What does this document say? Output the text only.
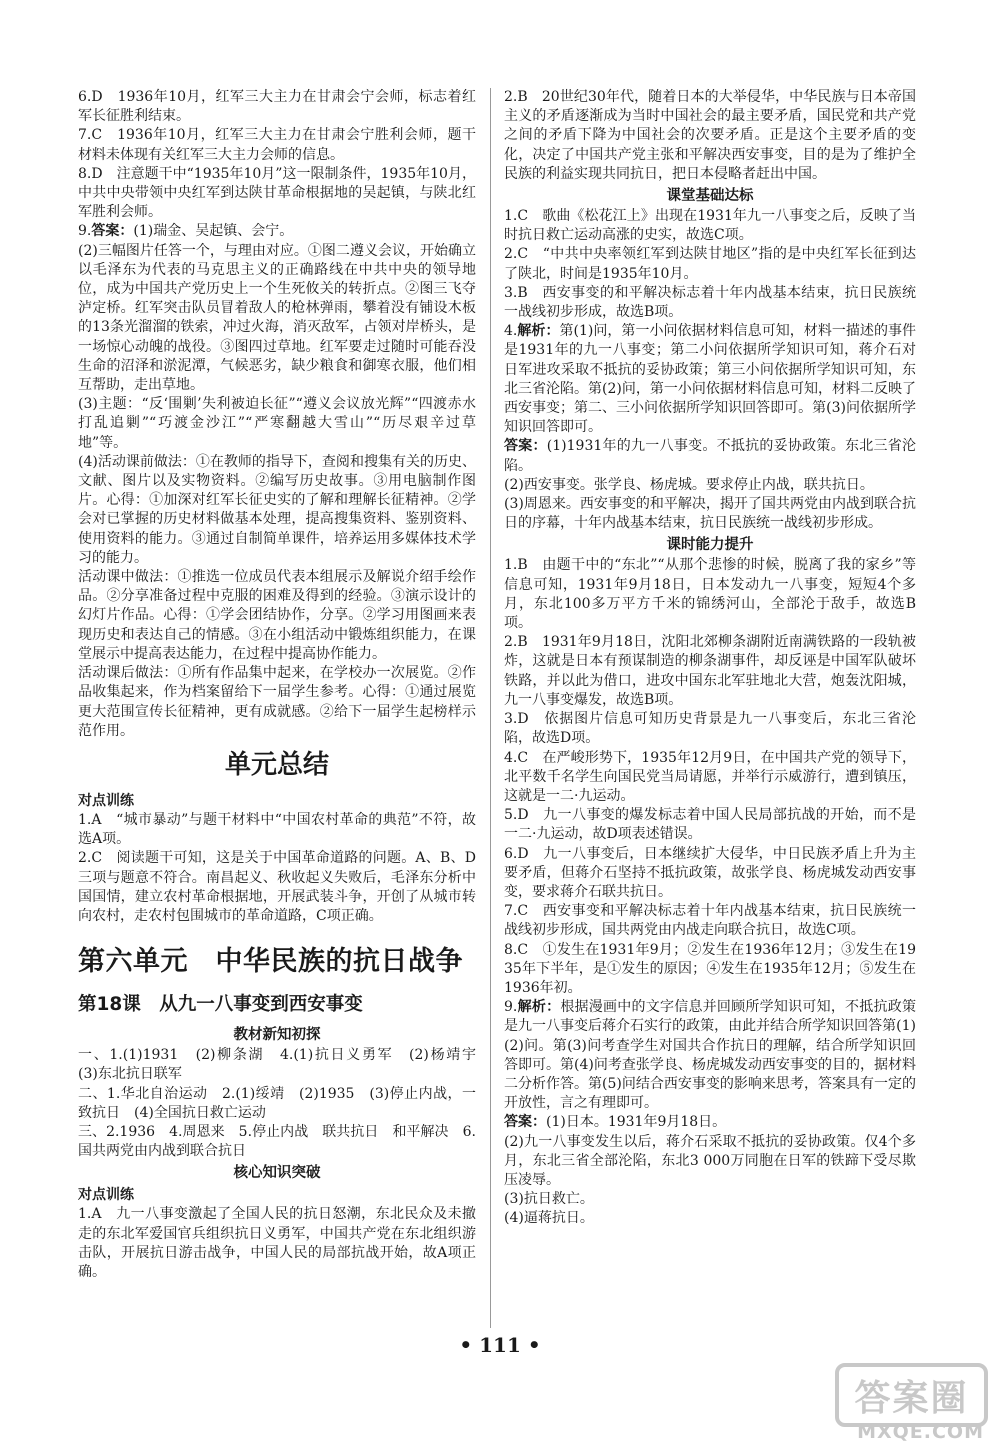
6.D　1936年10月，红军三大主力在甘肃会宁会师，标志着红军长征胜利结束。

7.C　1936年10月，红军三大主力在甘肃会宁胜利会师，题干材料未体现有关红军三大主力会师的信息。

8.D　注意题干中“1935年10月”这一限制条件，1935年10月，中共中央带领中央红军到达陕甘革命根据地的吴起镇，与陕北红军胜利会师。

9.答案：(1)瑞金、吴起镇、会宁。

(2)三幅图片任答一个，与理由对应。①图二遵义会议，开始确立以毛泽东为代表的马克思主义的正确路线在中共中央的领导地位，成为中国共产党历史上一个生死攸关的转折点。②图三飞夺泸定桥。红军突击队员冒着敌人的枪林弹雨，攀着没有铺设木板的13条光溜溜的铁索，冲过火海，消灭敌军，占领对岸桥头，是一场惊心动魄的战役。③图四过草地。红军要走过随时可能吞没生命的沼泽和淤泥潭，气候恶劣，缺少粮食和御寒衣服，他们相互帮助，走出草地。

(3)主题：“反‘围剿’失利被迫长征”“遵义会议放光辉”“四渡赤水打乱追剿”“巧渡金沙江”“严寒翻越大雪山”“历尽艰辛过草地”等。

(4)活动课前做法：①在教师的指导下，查阅和搜集有关的历史、文献、图片以及实物资料。②编写历史故事。③用电脑制作图片。心得：①加深对红军长征史实的了解和理解长征精神。②学会对已掌握的历史材料做基本处理，提高搜集资料、鉴别资料、使用资料的能力。③通过自制简单课件，培养运用多媒体技术学习的能力。

活动课中做法：①推选一位成员代表本组展示及解说介绍手绘作品。②分享准备过程中克服的困难及得到的经验。③演示设计的幻灯片作品。心得：①学会团结协作，分享。②学习用图画来表现历史和表达自己的情感。③在小组活动中锻炼组织能力，在课堂展示中提高表达能力，在过程中提高协作能力。

活动课后做法：①所有作品集中起来，在学校办一次展览。②作品收集起来，作为档案留给下一届学生参考。心得：①通过展览更大范围宣传长征精神，更有成就感。②给下一届学生起榜样示范作用。

单元总结
对点训练

1.A　“城市暴动”与题干材料中“中国农村革命的典范”不符，故选A项。

2.C　阅读题干可知，这是关于中国革命道路的问题。A、B、D三项与题意不符合。南昌起义、秋收起义失败后，毛泽东分析中国国情，建立农村革命根据地，开展武装斗争，开创了从城市转向农村，走农村包围城市的革命道路，C项正确。

第六单元　中华民族的抗日战争
第18课　从九一八事变到西安事变
教材新知初探

一、1.(1)1931　(2)柳条湖　4.(1)抗日义勇军　(2)杨靖宇　(3)东北抗日联军

二、1.华北自治运动　2.(1)绥靖　(2)1935　(3)停止内战，一致抗日　(4)全国抗日救亡运动

三、2.1936　4.周恩来　5.停止内战　联共抗日　和平解决　6.国共两党由内战到联合抗日

核心知识突破
对点训练

1.A　九一八事变激起了全国人民的抗日怒潮，东北民众及未撤走的东北军爱国官兵组织抗日义勇军，中国共产党在东北组织游击队，开展抗日游击战争，中国人民的局部抗战开始，故A项正确。

2.B　20世纪30年代，随着日本的大举侵华，中华民族与日本帝国主义的矛盾逐渐成为当时中国社会的最主要矛盾，国民党和共产党之间的矛盾下降为中国社会的次要矛盾。正是这个主要矛盾的变化，决定了中国共产党主张和平解决西安事变，目的是为了维护全民族的利益实现共同抗日，把日本侵略者赶出中国。

课堂基础达标

1.C　歌曲《松花江上》出现在1931年九一八事变之后，反映了当时抗日救亡运动高涨的史实，故选C项。

2.C　“中共中央率领红军到达陕甘地区”指的是中央红军长征到达了陕北，时间是1935年10月。

3.B　西安事变的和平解决标志着十年内战基本结束，抗日民族统一战线初步形成，故选B项。

4.解析：第(1)问，第一小问依据材料信息可知，材料一描述的事件是1931年的九一八事变；第二小问依据所学知识可知，蒋介石对日军进攻采取不抵抗的妥协政策；第三小问依据所学知识可知，东北三省沦陷。第(2)问，第一小问依据材料信息可知，材料二反映了西安事变；第二、三小问依据所学知识回答即可。第(3)问依据所学知识回答即可。

答案：(1)1931年的九一八事变。不抵抗的妥协政策。东北三省沦陷。

(2)西安事变。张学良、杨虎城。要求停止内战，联共抗日。

(3)周恩来。西安事变的和平解决，揭开了国共两党由内战到联合抗日的序幕，十年内战基本结束，抗日民族统一战线初步形成。

课时能力提升

1.B　由题干中的“东北”“从那个悲惨的时候，脱离了我的家乡”等信息可知，1931年9月18日，日本发动九一八事变，短短4个多月，东北100多万平方千米的锦绣河山，全部沦于敌手，故选B项。

2.B　1931年9月18日，沈阳北郊柳条湖附近南满铁路的一段轨被炸，这就是日本有预谋制造的柳条湖事件，却反诬是中国军队破坏铁路，并以此为借口，进攻中国东北军驻地北大营，炮轰沈阳城，九一八事变爆发，故选B项。

3.D　依据图片信息可知历史背景是九一八事变后，东北三省沦陷，故选D项。

4.C　在严峻形势下，1935年12月9日，在中国共产党的领导下，北平数千名学生向国民党当局请愿，并举行示威游行，遭到镇压，这就是一二·九运动。

5.D　九一八事变的爆发标志着中国人民局部抗战的开始，而不是一二·九运动，故D项表述错误。

6.D　九一八事变后，日本继续扩大侵华，中日民族矛盾上升为主要矛盾，但蒋介石坚持不抵抗政策，故张学良、杨虎城发动西安事变，要求蒋介石联共抗日。

7.C　西安事变和平解决标志着十年内战基本结束，抗日民族统一战线初步形成，国共两党由内战走向联合抗日，故选C项。

8.C　①发生在1931年9月；②发生在1936年12月；③发生在1935年下半年，是①发生的原因；④发生在1935年12月；⑤发生在1936年初。

9.解析：根据漫画中的文字信息并回顾所学知识可知，不抵抗政策是九一八事变后蒋介石实行的政策，由此并结合所学知识回答第(1)(2)问。第(3)问考查学生对国共合作抗日的理解，结合所学知识回答即可。第(4)问考查张学良、杨虎城发动西安事变的目的，据材料二分析作答。第(5)问结合西安事变的影响来思考，答案具有一定的开放性，言之有理即可。

答案：(1)日本。1931年9月18日。

(2)九一八事变发生以后，蒋介石采取不抵抗的妥协政策。仅4个多月，东北三省全部沦陷，东北3 000万同胞在日军的铁蹄下受尽欺压凌辱。

(3)抗日救亡。

(4)逼蒋抗日。

• 111 •
答案圈
MXQE.COM
